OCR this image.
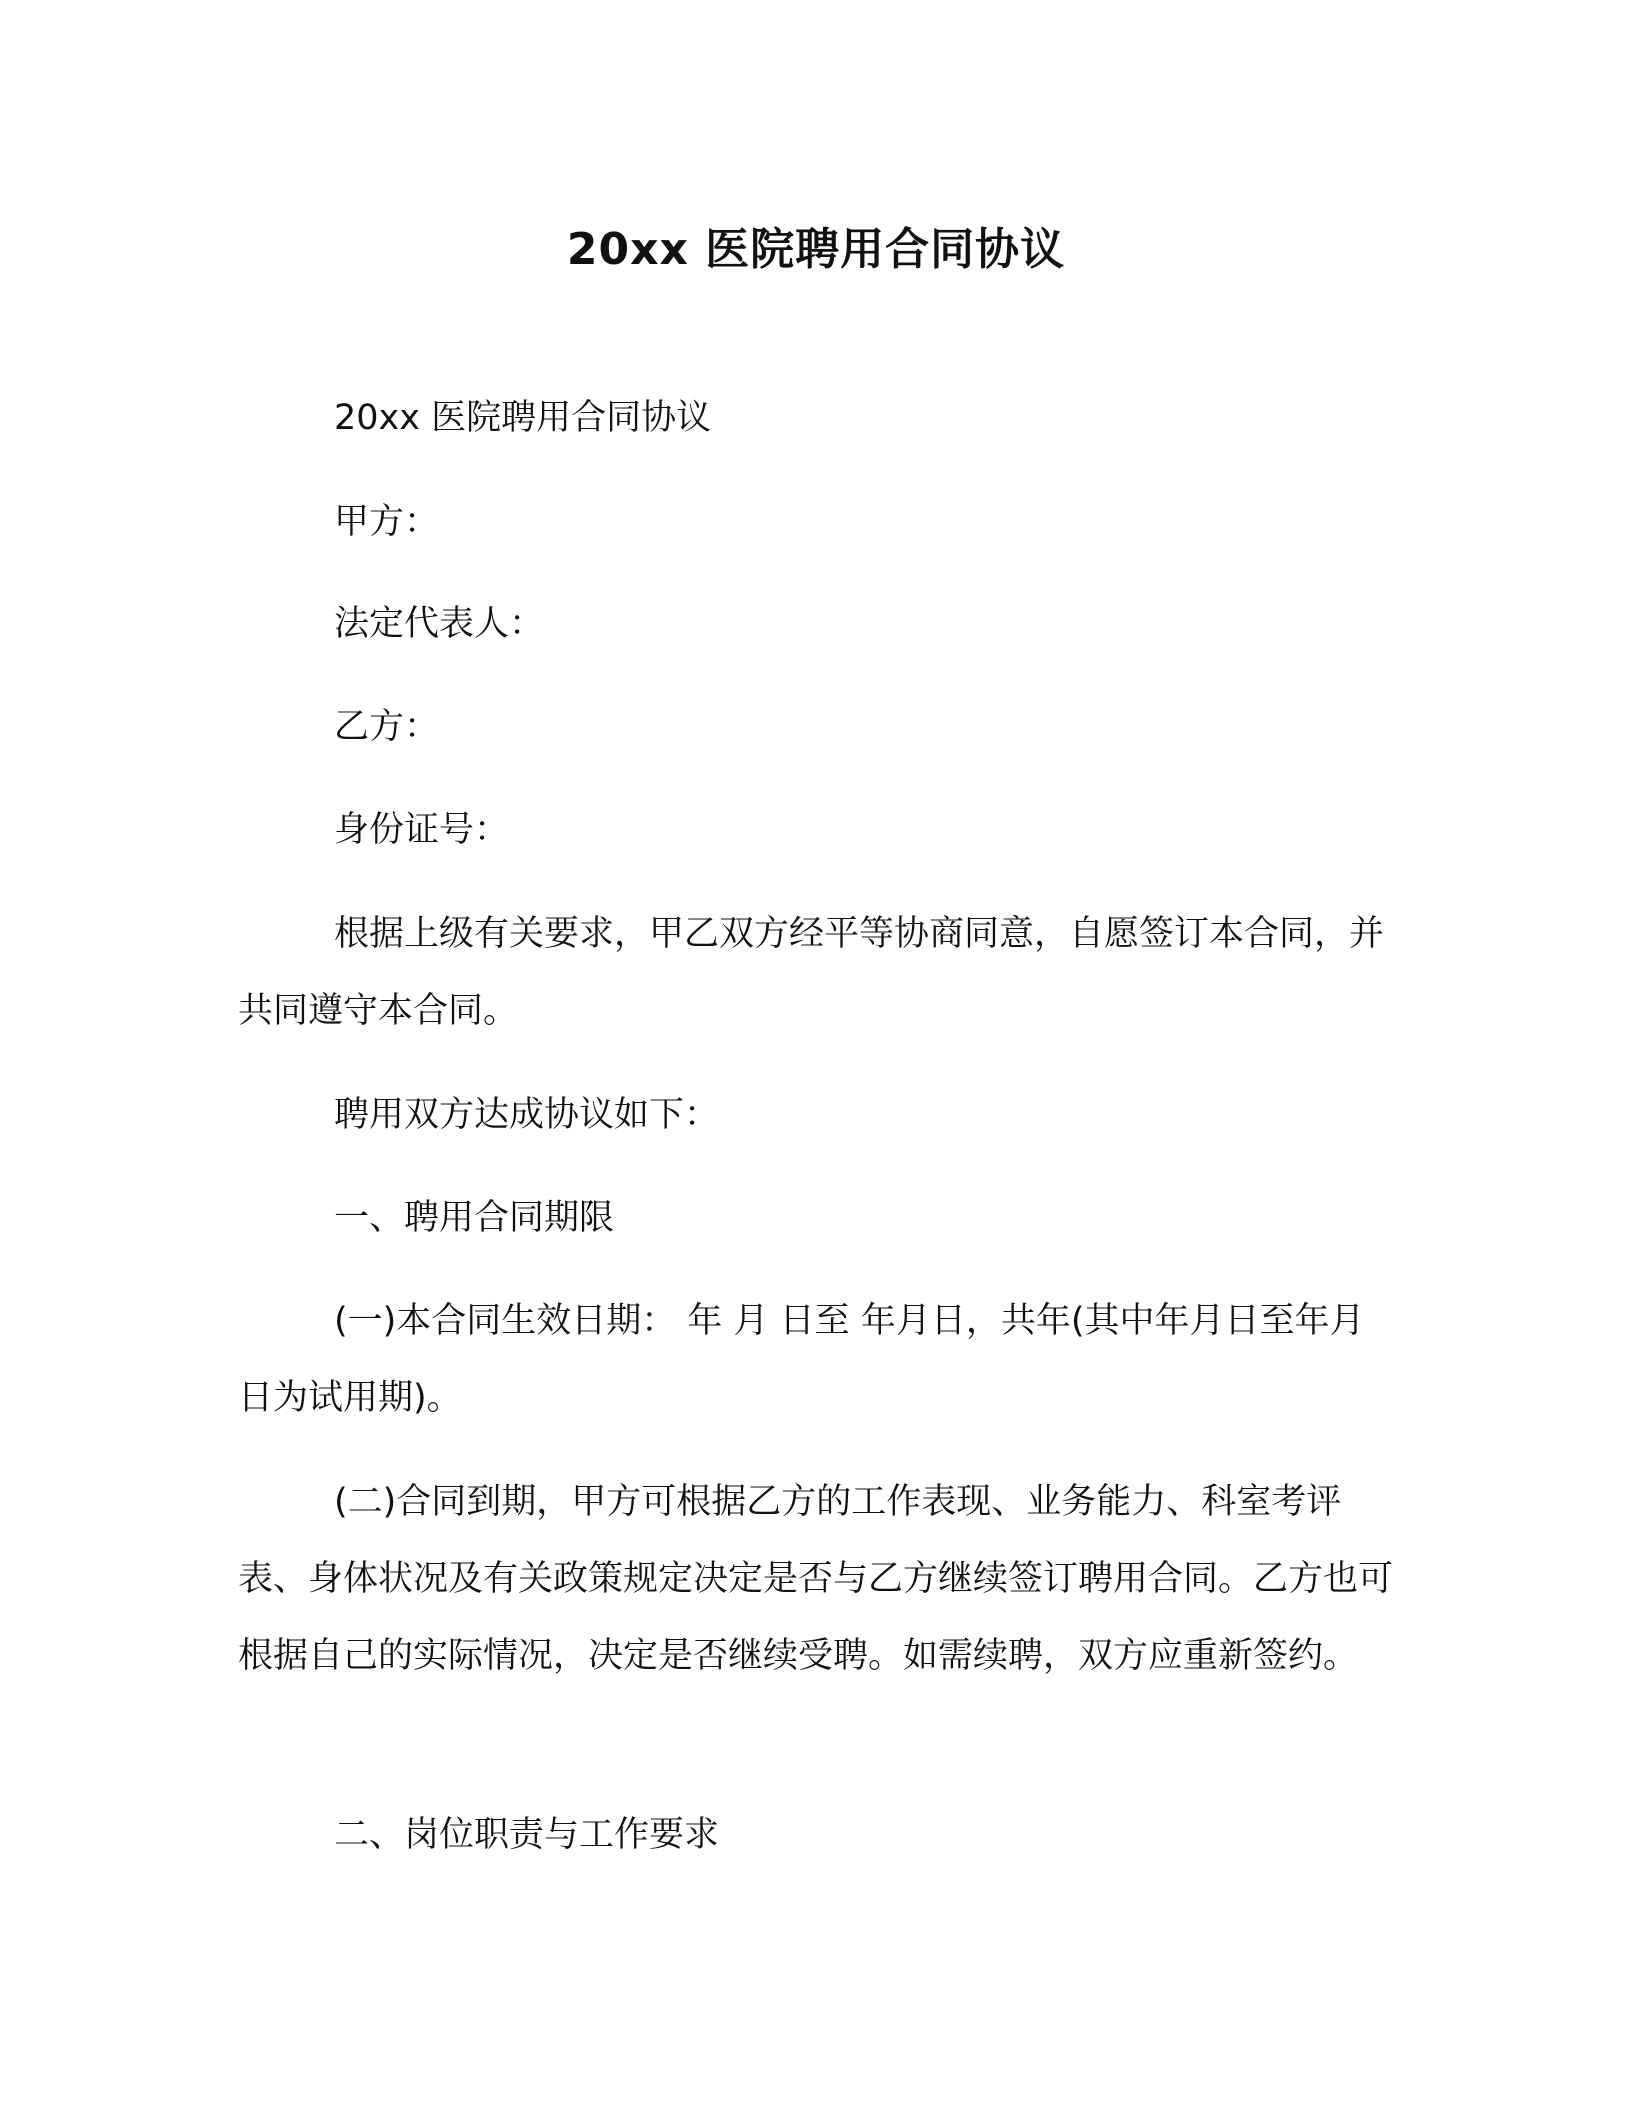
20xx 医院聘用合同协议

20xx 医院聘用合同协议

甲方：

法定代表人：

乙方：

身份证号：

根据上级有关要求，甲乙双方经平等协商同意，自愿签订本合同，并共同遵守本合同。

聘用双方达成协议如下：

一、聘用合同期限

(一)本合同生效日期： 年 月 日至 年月日，共年(其中年月日至年月日为试用期)。

(二)合同到期，甲方可根据乙方的工作表现、业务能力、科室考评表、身体状况及有关政策规定决定是否与乙方继续签订聘用合同。乙方也可根据自己的实际情况，决定是否继续受聘。如需续聘，双方应重新签约。

二、岗位职责与工作要求
